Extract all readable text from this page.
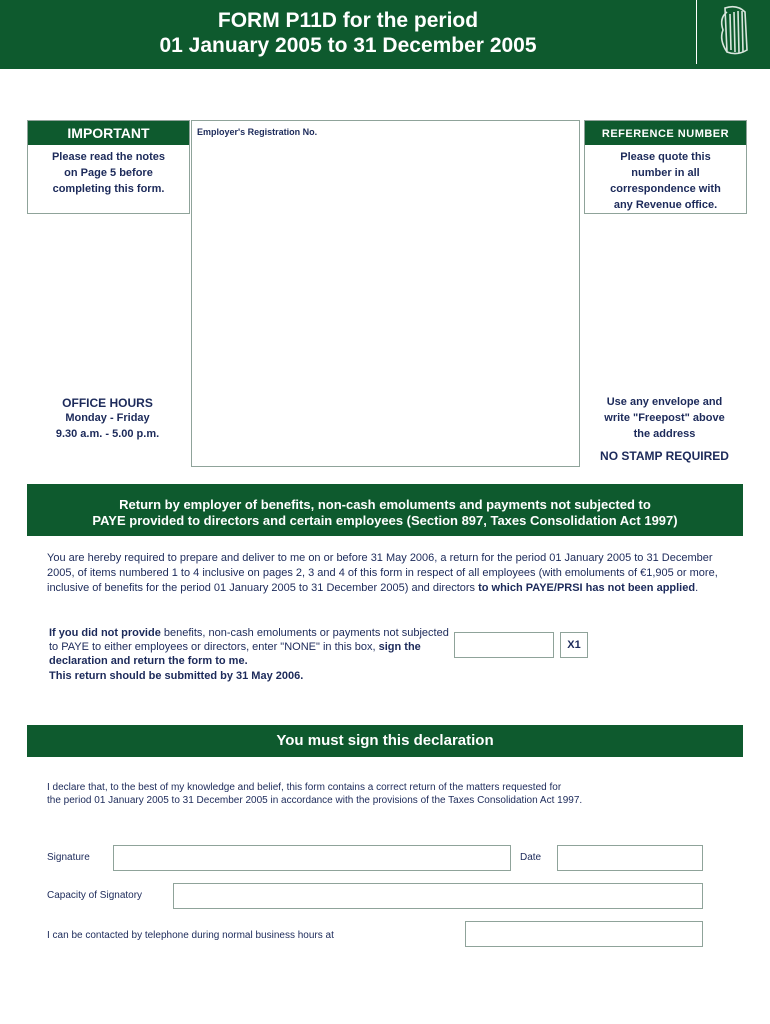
FORM P11D for the period
01 January 2005 to 31 December 2005
IMPORTANT
Please read the notes
on Page 5 before
completing this form.
Employer's Registration No.	REFERENCE NUMBER
Please quote this
number in all
correspondence with
any Revenue office.
OFFICE HOURS
Monday - Friday
9.30 a.m. - 5.00 p.m.
Use any envelope and
write "Freepost" above
the address
NO STAMP REQUIRED
Return by employer of benefits, non-cash emoluments and payments not subjected to
PAYE provided to directors and certain employees (Section 897, Taxes Consolidation Act 1997)
You are hereby required to prepare and deliver to me on or before 31 May 2006, a return for the period 01 January 2005 to 31 December 2005, of items numbered 1 to 4 inclusive on pages 2, 3 and 4 of this form in respect of all employees (with emoluments of €1,905 or more, inclusive of benefits for the period 01 January 2005 to 31 December 2005) and directors to which PAYE/PRSI has not been applied.
If you did not provide benefits, non-cash emoluments or payments not subjected to PAYE to either employees or directors, enter "NONE" in this box, sign the declaration and return the form to me.
X1
This return should be submitted by 31 May 2006.
You must sign this declaration
I declare that, to the best of my knowledge and belief, this form contains a correct return of the matters requested for
the period 01 January 2005 to 31 December 2005 in accordance with the provisions of the Taxes Consolidation Act 1997.
Signature	Date
Capacity of Signatory
I can be contacted by telephone during normal business hours at
